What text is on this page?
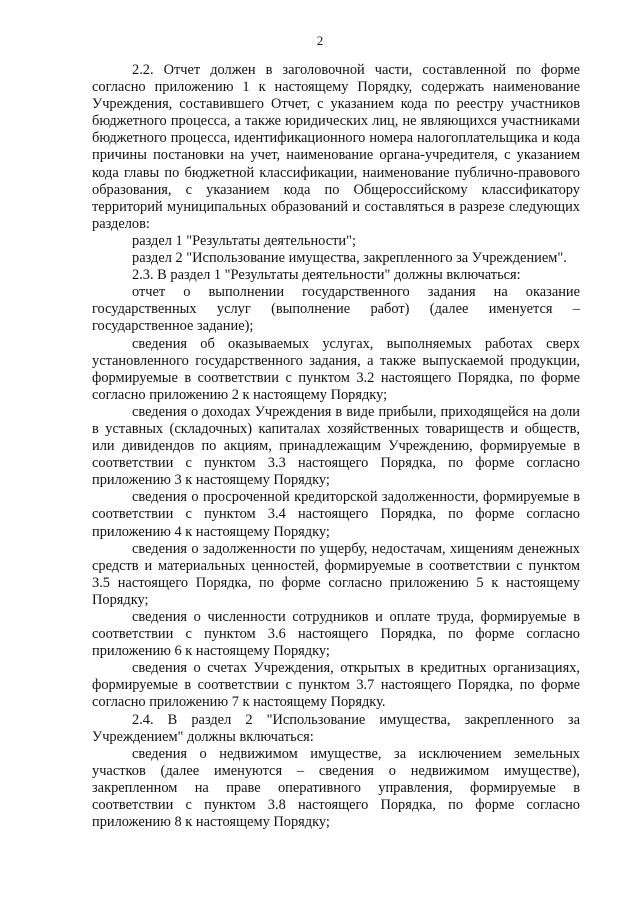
2

2.2. Отчет должен в заголовочной части, составленной по форме согласно приложению 1 к настоящему Порядку, содержать наименование Учреждения, составившего Отчет, с указанием кода по реестру участников бюджетного процесса, а также юридических лиц, не являющихся участниками бюджетного процесса, идентификационного номера налогоплательщика и кода причины постановки на учет, наименование органа-учредителя, с указанием кода главы по бюджетной классификации, наименование публично-правового образования, с указанием кода по Общероссийскому классификатору территорий муниципальных образований и составляться в разрезе следующих разделов:

раздел 1 "Результаты деятельности";

раздел 2 "Использование имущества, закрепленного за Учреждением".

2.3. В раздел 1 "Результаты деятельности" должны включаться:

отчет о выполнении государственного задания на оказание государственных услуг (выполнение работ) (далее именуется – государственное задание);

сведения об оказываемых услугах, выполняемых работах сверх установленного государственного задания, а также выпускаемой продукции, формируемые в соответствии с пунктом 3.2 настоящего Порядка, по форме согласно приложению 2 к настоящему Порядку;

сведения о доходах Учреждения в виде прибыли, приходящейся на доли в уставных (складочных) капиталах хозяйственных товариществ и обществ, или дивидендов по акциям, принадлежащим Учреждению, формируемые в соответствии с пунктом 3.3 настоящего Порядка, по форме согласно приложению 3 к настоящему Порядку;

сведения о просроченной кредиторской задолженности, формируемые в соответствии с пунктом 3.4 настоящего Порядка, по форме согласно приложению 4 к настоящему Порядку;

сведения о задолженности по ущербу, недостачам, хищениям денежных средств и материальных ценностей, формируемые в соответствии с пунктом 3.5 настоящего Порядка, по форме согласно приложению 5 к настоящему Порядку;

сведения о численности сотрудников и оплате труда, формируемые в соответствии с пунктом 3.6 настоящего Порядка, по форме согласно приложению 6 к настоящему Порядку;

сведения о счетах Учреждения, открытых в кредитных организациях, формируемые в соответствии с пунктом 3.7 настоящего Порядка, по форме согласно приложению 7 к настоящему Порядку.

2.4. В раздел 2 "Использование имущества, закрепленного за Учреждением" должны включаться:

сведения о недвижимом имуществе, за исключением земельных участков (далее именуются – сведения о недвижимом имуществе), закрепленном на праве оперативного управления, формируемые в соответствии с пунктом 3.8 настоящего Порядка, по форме согласно приложению 8 к настоящему Порядку;
